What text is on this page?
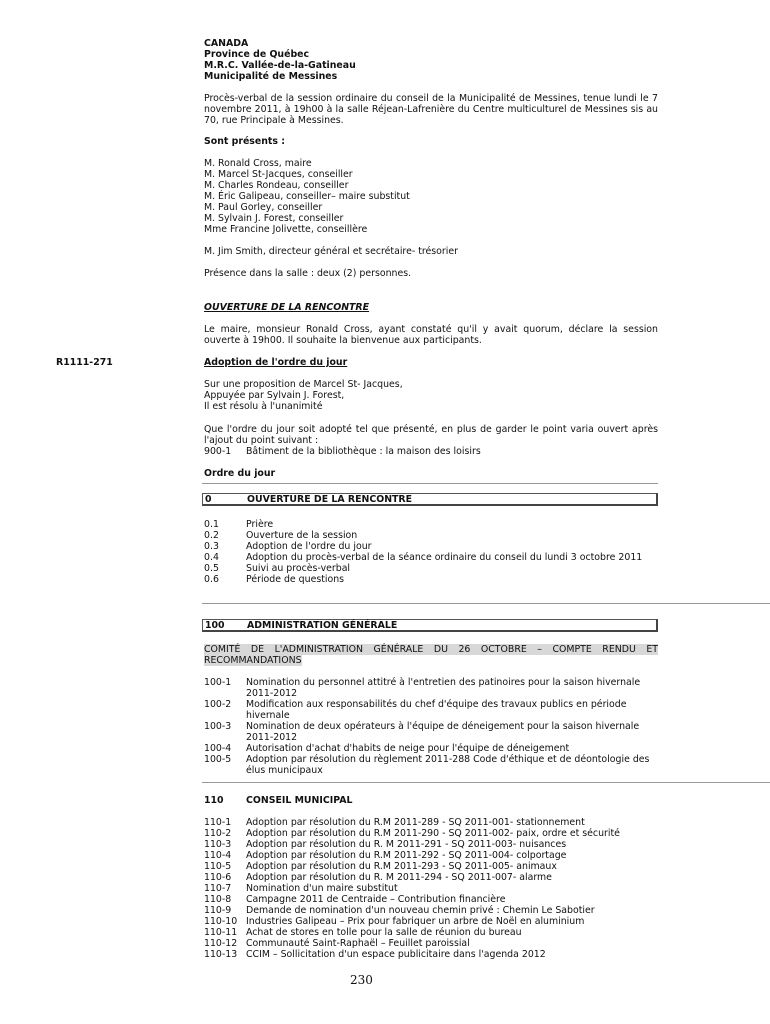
CANADA
Province de Québec
M.R.C. Vallée-de-la-Gatineau
Municipalité de Messines
Procès-verbal de la session ordinaire du conseil de la Municipalité de Messines, tenue lundi le 7 novembre 2011, à 19h00 à la salle Réjean-Lafrenière du Centre multiculturel de Messines sis au 70, rue Principale à Messines.
Sont présents :
M. Ronald Cross, maire
M. Marcel St-Jacques, conseiller
M. Charles Rondeau, conseiller
M. Éric Galipeau, conseiller– maire substitut
M. Paul Gorley, conseiller
M. Sylvain J. Forest, conseiller
Mme Francine Jolivette, conseillère
M. Jim Smith, directeur général et secrétaire- trésorier
Présence dans la salle : deux (2) personnes.
OUVERTURE DE LA RENCONTRE
Le maire, monsieur Ronald Cross, ayant constaté qu'il y avait quorum, déclare la session ouverte à 19h00. Il souhaite la bienvenue aux participants.
R1111-271	Adoption de l'ordre du jour
Sur une proposition de Marcel St- Jacques,
Appuyée par Sylvain J. Forest,
Il est résolu à l'unanimité
Que l'ordre du jour soit adopté tel que présenté, en plus de garder le point varia ouvert après l'ajout du point suivant :
900-1	Bâtiment de la bibliothèque : la maison des loisirs
Ordre du jour
0	OUVERTURE DE LA RENCONTRE
0.1	Prière
0.2	Ouverture de la session
0.3	Adoption de l'ordre du jour
0.4	Adoption du procès-verbal de la séance ordinaire du conseil du lundi 3 octobre 2011
0.5	Suivi au procès-verbal
0.6	Période de questions
100	ADMINISTRATION GÉNÉRALE
COMITÉ DE L'ADMINISTRATION GÉNÉRALE DU 26 OCTOBRE – COMPTE RENDU ET RECOMMANDATIONS
100-1	Nomination du personnel attitré à l'entretien des patinoires pour la saison hivernale 2011-2012
100-2	Modification aux responsabilités du chef d'équipe des travaux publics en période hivernale
100-3	Nomination de deux opérateurs à l'équipe de déneigement pour la saison hivernale 2011-2012
100-4	Autorisation d'achat d'habits de neige pour l'équipe de déneigement
100-5	Adoption par résolution du règlement 2011-288 Code d'éthique et de déontologie des élus municipaux
110	CONSEIL MUNICIPAL
110-1	Adoption par résolution du R.M 2011-289 - SQ 2011-001- stationnement
110-2	Adoption par résolution du R.M 2011-290 - SQ 2011-002- paix, ordre et sécurité
110-3	Adoption par résolution du R. M 2011-291 - SQ 2011-003- nuisances
110-4	Adoption par résolution du R.M 2011-292 - SQ 2011-004- colportage
110-5	Adoption par résolution du R.M 2011-293 - SQ 2011-005- animaux
110-6	Adoption par résolution du R. M 2011-294 - SQ 2011-007- alarme
110-7	Nomination d'un maire substitut
110-8	Campagne 2011 de Centraide – Contribution financière
110-9	Demande de nomination d'un nouveau chemin privé : Chemin Le Sabotier
110-10 Industries Galipeau – Prix pour fabriquer un arbre de Noël en aluminium
110-11 Achat de stores en tolle pour la salle de réunion du bureau
110-12 Communauté Saint-Raphaël – Feuillet paroissial
110-13 CCIM – Sollicitation d'un espace publicitaire dans l'agenda 2012
230
